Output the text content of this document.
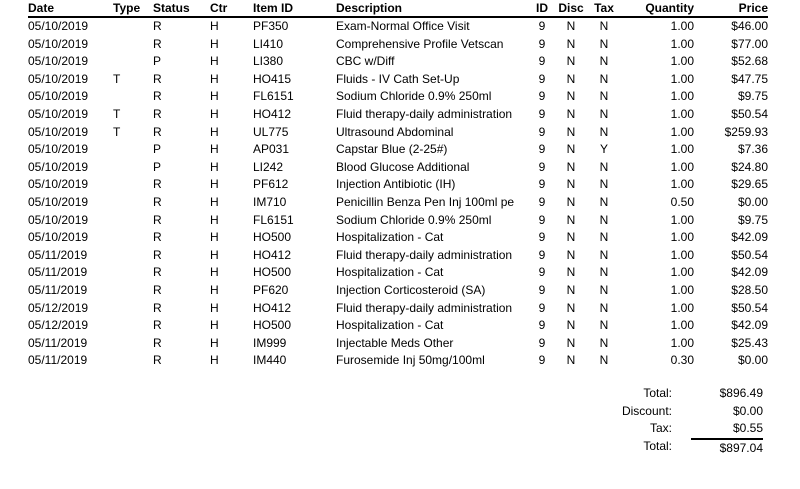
Date	Type	Status	Ctr	Item ID	Description	ID	Disc	Tax	Quantity	Price
05/10/2019		R	H	PF350	Exam-Normal Office Visit	9	N	N	1.00	$46.00
05/10/2019		R	H	LI410	Comprehensive Profile Vetscan	9	N	N	1.00	$77.00
05/10/2019		P	H	LI380	CBC w/Diff	9	N	N	1.00	$52.68
05/10/2019	T	R	H	HO415	Fluids - IV Cath Set-Up	9	N	N	1.00	$47.75
05/10/2019		R	H	FL6151	Sodium Chloride 0.9% 250ml	9	N	N	1.00	$9.75
05/10/2019	T	R	H	HO412	Fluid therapy-daily administration	9	N	N	1.00	$50.54
05/10/2019	T	R	H	UL775	Ultrasound Abdominal	9	N	N	1.00	$259.93
05/10/2019		P	H	AP031	Capstar Blue (2-25#)	9	N	Y	1.00	$7.36
05/10/2019		P	H	LI242	Blood Glucose Additional	9	N	N	1.00	$24.80
05/10/2019		R	H	PF612	Injection Antibiotic (IH)	9	N	N	1.00	$29.65
05/10/2019		R	H	IM710	Penicillin Benza Pen Inj 100ml pe	9	N	N	0.50	$0.00
05/10/2019		R	H	FL6151	Sodium Chloride 0.9% 250ml	9	N	N	1.00	$9.75
05/10/2019		R	H	HO500	Hospitalization - Cat	9	N	N	1.00	$42.09
05/11/2019		R	H	HO412	Fluid therapy-daily administration	9	N	N	1.00	$50.54
05/11/2019		R	H	HO500	Hospitalization - Cat	9	N	N	1.00	$42.09
05/11/2019		R	H	PF620	Injection Corticosteroid (SA)	9	N	N	1.00	$28.50
05/12/2019		R	H	HO412	Fluid therapy-daily administration	9	N	N	1.00	$50.54
05/12/2019		R	H	HO500	Hospitalization - Cat	9	N	N	1.00	$42.09
05/11/2019		R	H	IM999	Injectable Meds Other	9	N	N	1.00	$25.43
05/11/2019		R	H	IM440	Furosemide Inj 50mg/100ml	9	N	N	0.30	$0.00
Total:	$896.49
Discount:	$0.00
Tax:	$0.55
Total:	$897.04
